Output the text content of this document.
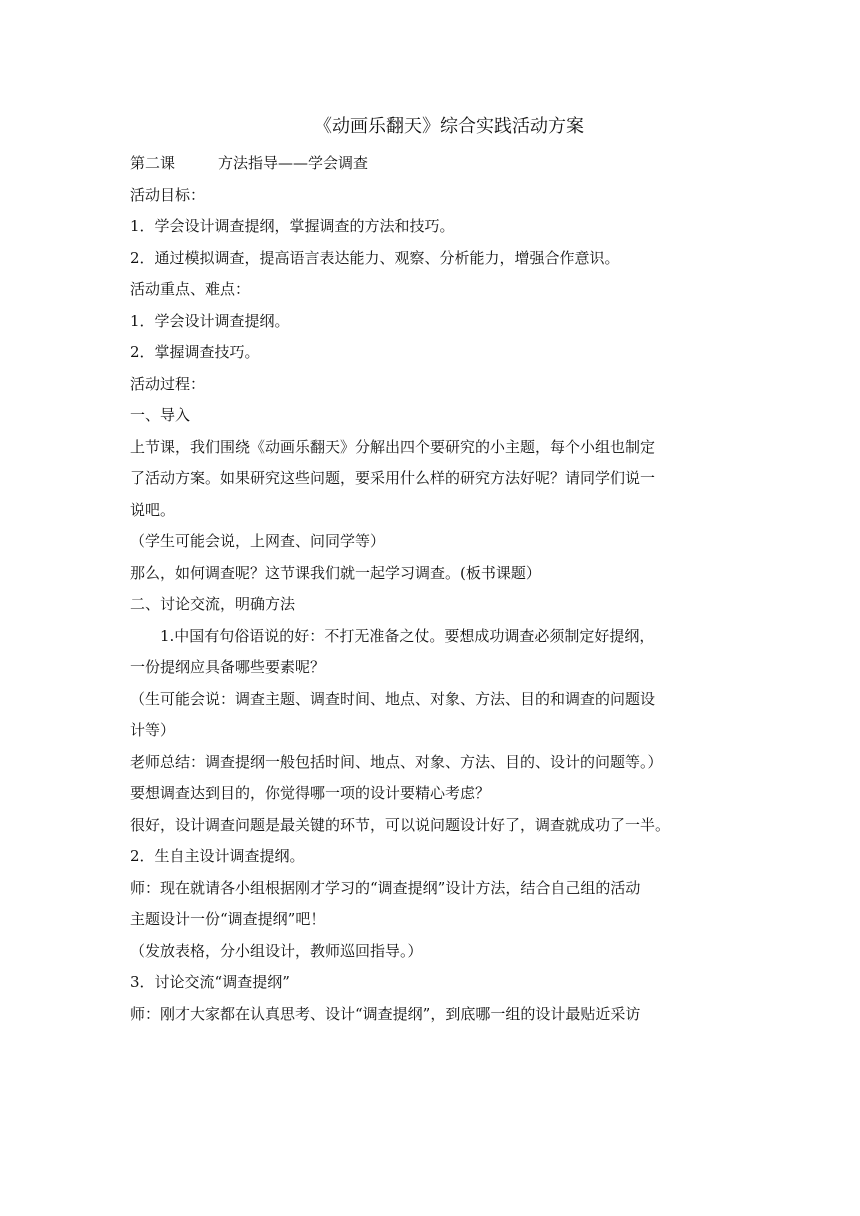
《动画乐翻天》综合实践活动方案
第二课	方法指导——学会调查
活动目标：
1．学会设计调查提纲，掌握调查的方法和技巧。
2．通过模拟调查，提高语言表达能力、观察、分析能力，增强合作意识。
活动重点、难点：
1．学会设计调查提纲。
2．掌握调查技巧。
活动过程：
一、导入
上节课，我们围绕《动画乐翻天》分解出四个要研究的小主题，每个小组也制定
了活动方案。如果研究这些问题，要采用什么样的研究方法好呢？请同学们说一
说吧。
（学生可能会说，上网查、问同学等）
那么，如何调查呢？这节课我们就一起学习调查。(板书课题）
二、讨论交流，明确方法
1.中国有句俗语说的好：不打无准备之仗。要想成功调查必须制定好提纲，
一份提纲应具备哪些要素呢？
（生可能会说：调查主题、调查时间、地点、对象、方法、目的和调查的问题设
计等）
老师总结：调查提纲一般包括时间、地点、对象、方法、目的、设计的问题等。）
要想调查达到目的，你觉得哪一项的设计要精心考虑？
很好，设计调查问题是最关键的环节，可以说问题设计好了，调查就成功了一半。
2．生自主设计调查提纲。
师：现在就请各小组根据刚才学习的“调查提纲”设计方法，结合自己组的活动
主题设计一份“调查提纲”吧！
（发放表格，分小组设计，教师巡回指导。）
3．讨论交流“调查提纲”
师：刚才大家都在认真思考、设计“调查提纲”，到底哪一组的设计最贴近采访
